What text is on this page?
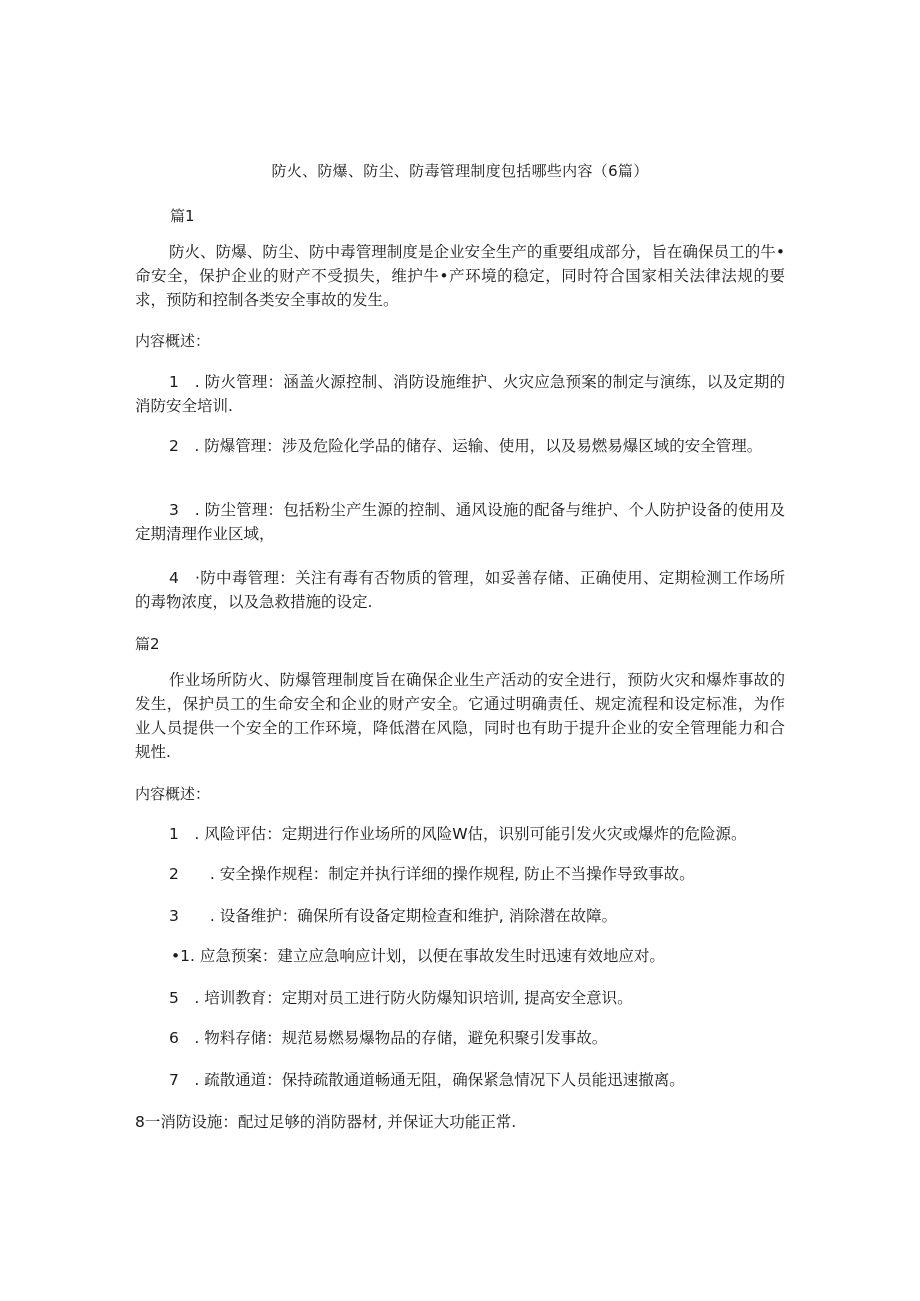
防火、防爆、防尘、防毒管理制度包括哪些内容（6篇）
篇1
防火、防爆、防尘、防中毒管理制度是企业安全生产的重要组成部分，旨在确保员工的牛•命安全，保护企业的财产不受损失，维护牛•产环境的稳定，同时符合国家相关法律法规的要求，预防和控制各类安全事故的发生。
内容概述：
1　. 防火管理：涵盖火源控制、消防设施维护、火灾应急预案的制定与演练，以及定期的消防安全培训.
2　. 防爆管理：涉及危险化学品的储存、运输、使用，以及易燃易爆区域的安全管理。
3　. 防尘管理：包括粉尘产生源的控制、通风设施的配备与维护、个人防护设备的使用及定期清理作业区域，
4　·防中毒管理：关注有毒有否物质的管理，如妥善存储、正确使用、定期检测工作场所的毒物浓度，以及急救措施的设定.
篇2
作业场所防火、防爆管理制度旨在确保企业生产活动的安全进行，预防火灾和爆炸事故的发生，保护员工的生命安全和企业的财产安全。它通过明确责任、规定流程和设定标准，为作业人员提供一个安全的工作环境，降低潜在风隐，同时也有助于提升企业的安全管理能力和合规性.
内容概述：
1　. 风险评估：定期进行作业场所的风险W估，识别可能引发火灾或爆炸的危险源。
2　　. 安全操作规程：制定并执行详细的操作规程, 防止不当操作导致事故。
3　　. 设备维护：确保所有设备定期检查和维护, 消除潜在故障。
•1. 应急预案：建立应急响应计划，以便在事故发生时迅速有效地应对。
5　. 培训教育：定期对员工进行防火防爆知识培训, 提高安全意识。
6　. 物料存储：规范易燃易爆物品的存储，避免积聚引发事故。
7　. 疏散通道：保持疏散通道畅通无阻，确保紧急情况下人员能迅速撤离。
8一消防设施：配过足够的消防器材, 并保证大功能正常.
